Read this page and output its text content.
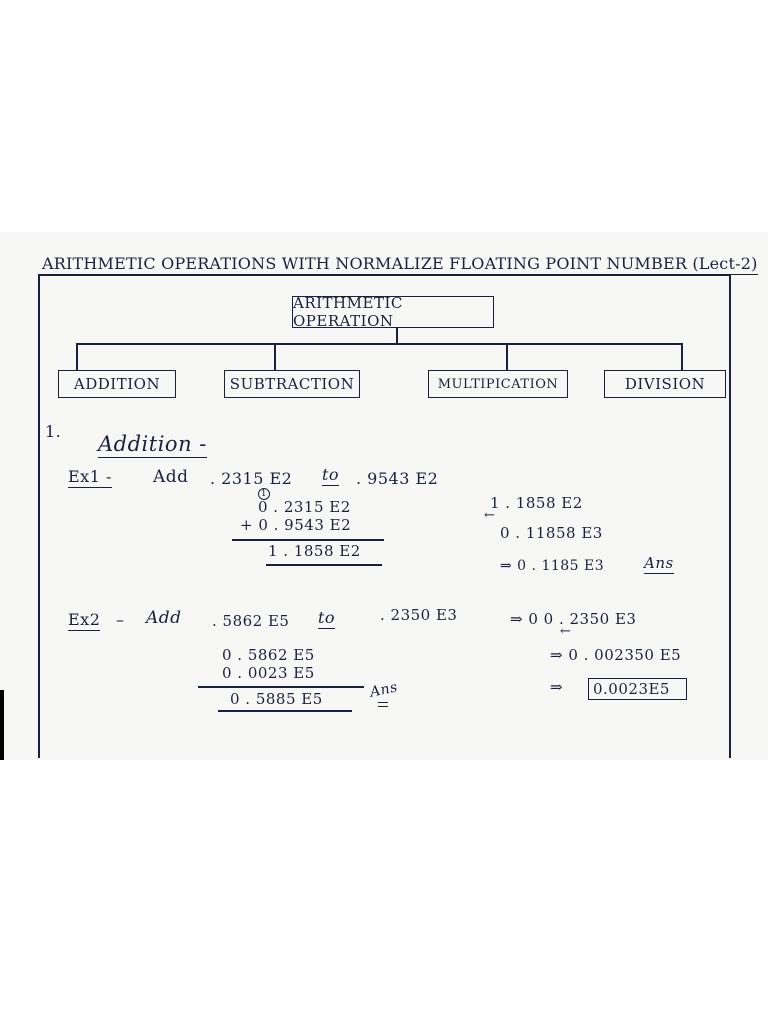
ARITHMETIC OPERATIONS WITH NORMALIZE FLOATING POINT NUMBER (Lect-2)
ARITHMETIC OPERATION
ADDITION	SUBTRACTION	MULTIPICATION	DIVISION
1.
Addition -
Ex1 - Add . 2315 E2 to . 9543 E2
1
0 . 2315 E2
+ 0 . 9543 E2
1 . 1858 E2
1 . 1858 E2
←
0 . 11858 E3
⇒ 0 . 1185 E3	Ans
Ex2 – Add . 5862 E5 to	. 2350 E3
0 . 5862 E5
0 . 0023 E5
0 . 5885 E5	Ans
⇒ 0 0 . 2350 E3
←
⇒ 0 . 002350 E5
⇒	0.0023E5
